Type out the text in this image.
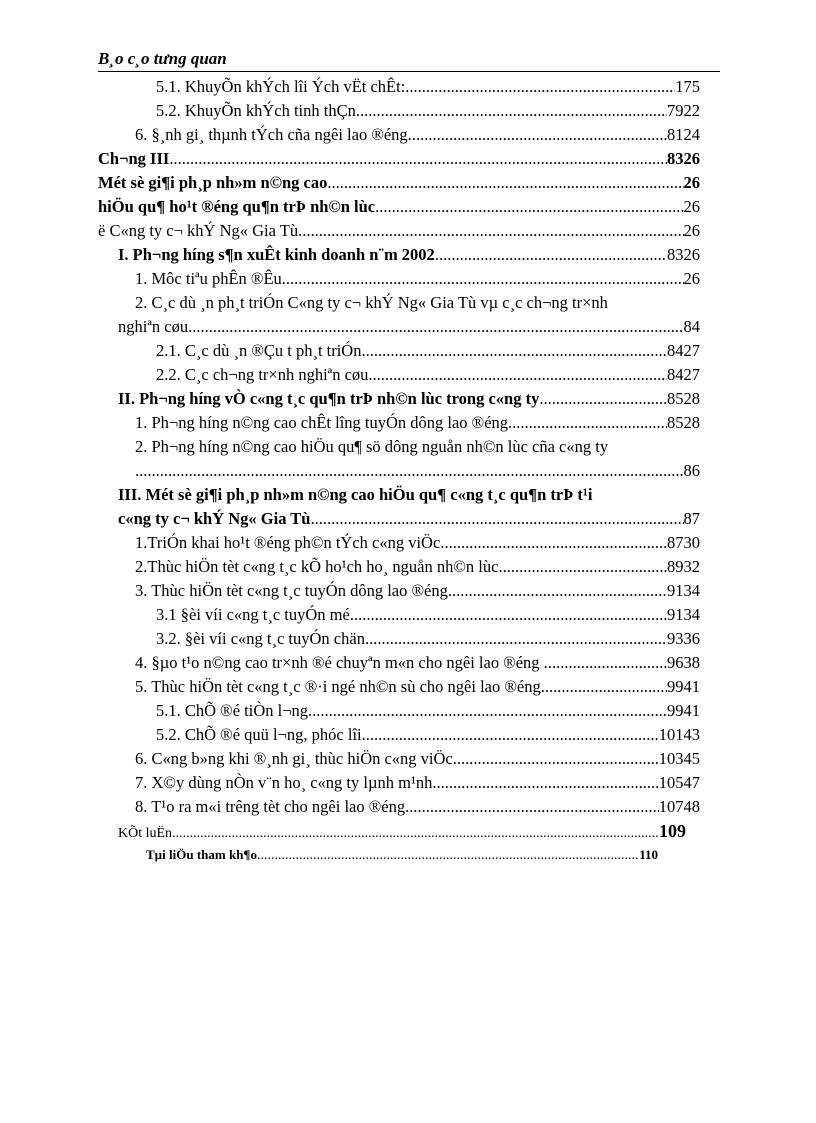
B¸o c¸o tưng quan
5.1. KhuyÕn khÝch lîi Ých vËt chÊt: .....	175
5.2. KhuyÕn khÝch tinh thÇn. .....	7922
6. §¸nh gi¸ thµnh tÝch cña ngêi lao ®éng. .....	8124
Ch¬ng III .....	8326
Mét sè gi¶i ph¸p nh»m n©ng cao .....	26
hiÖu qu¶ ho¹t ®éng qu¶n trÞ nh©n lùc .....	26
ë C«ng ty c¬ khÝ Ng« Gia Tù .....	26
I. Ph¬ng híng s¶n xuÊt kinh doanh n¨m 2002 .....	8326
1. Môc tiªu phÊn ®Êu .....	26
2. C¸c dù ¸n ph¸t triÓn C«ng ty c¬ khÝ Ng« Gia Tù vµ c¸c ch¬ng tr×nh
nghiªn cøu. .....	84
2.1. C¸c dù ¸n ®Çu t ph¸t triÓn. .....	8427
2.2. C¸c ch¬ng tr×nh nghiªn cøu. .....	8427
II. Ph¬ng híng vÒ c«ng t¸c qu¶n trÞ nh©n lùc trong c«ng ty .....	8528
1. Ph¬ng híng n©ng cao chÊt lîng tuyÓn dông lao ®éng .....	8528
2. Ph¬ng híng n©ng cao hiÖu qu¶ sö dông nguån nh©n lùc cña c«ng ty
.....
86
III. Mét sè gi¶i ph¸p nh»m n©ng cao hiÖu qu¶ c«ng t¸c qu¶n trÞ t¹i
c«ng ty c¬ khÝ Ng« Gia Tù .....	87
1.TriÓn khai ho¹t ®éng ph©n tÝch c«ng viÖc. .....	8730
2.Thùc hiÖn tèt c«ng t¸c kÕ ho¹ch ho¸ nguån nh©n lùc. .....	8932
3. Thùc hiÖn tèt c«ng t¸c tuyÓn dông lao ®éng .....	9134
3.1 §èi víi c«ng t¸c tuyÓn mé .....	9134
3.2. §èi víi c«ng t¸c tuyÓn chän. .....	9336
4. §µo t¹o n©ng cao tr×nh ®é chuyªn m«n cho ngêi lao ®éng . .....	9638
5. Thùc hiÖn tèt c«ng t¸c ®·i ngé nh©n sù cho ngêi lao ®éng. .....	9941
5.1. ChÕ ®é tiÒn l¬ng. .....	9941
5.2. ChÕ ®é quü l¬ng, phóc lîi. .....	10143
6. C«ng b»ng khi ®¸nh gi¸ thùc hiÖn c«ng viÖc .....	10345
7. X©y dùng nÒn v¨n ho¸ c«ng ty lµnh m¹nh .....	10547
8. T¹o ra m«i trêng tèt cho ngêi lao ®éng. .....	10748
KÕt luËn .....	109
Tµi liÖu tham kh¶o .....	110
